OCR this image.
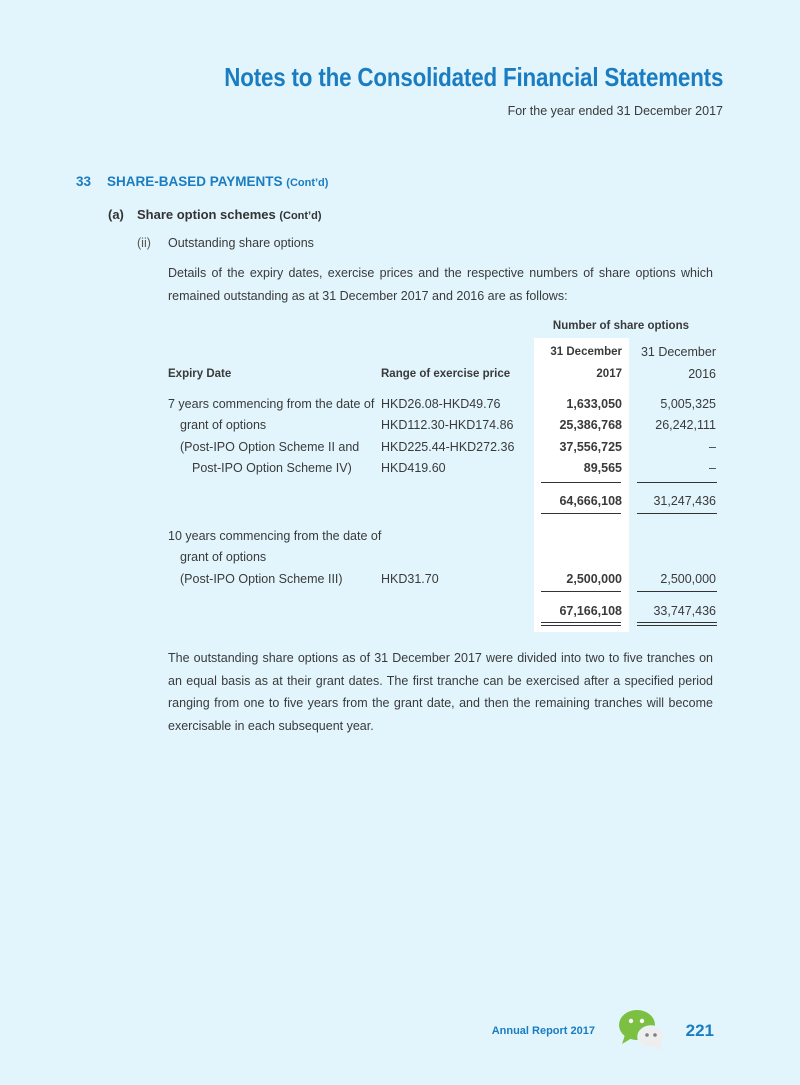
Notes to the Consolidated Financial Statements
For the year ended 31 December 2017
33 SHARE-BASED PAYMENTS (Cont’d)
(a) Share option schemes (Cont’d)
(ii) Outstanding share options
Details of the expiry dates, exercise prices and the respective numbers of share options which remained outstanding as at 31 December 2017 and 2016 are as follows:
Number of share options
31 December	31 December
Expiry Date	Range of exercise price	2017	2016
7 years commencing from the date of HKD26.08-HKD49.76	1,633,050	5,005,325
grant of options	HKD112.30-HKD174.86	25,386,768	26,242,111
(Post-IPO Option Scheme II and HKD225.44-HKD272.36	37,556,725	–
Post-IPO Option Scheme IV) HKD419.60	89,565	–
64,666,108	31,247,436
10 years commencing from the date of
grant of options
(Post-IPO Option Scheme III)	HKD31.70	2,500,000	2,500,000
67,166,108	33,747,436
The outstanding share options as of 31 December 2017 were divided into two to five tranches on an equal basis as at their grant dates. The first tranche can be exercised after a specified period ranging from one to five years from the grant date, and then the remaining tranches will become exercisable in each subsequent year.
Annual Report 2017	221
